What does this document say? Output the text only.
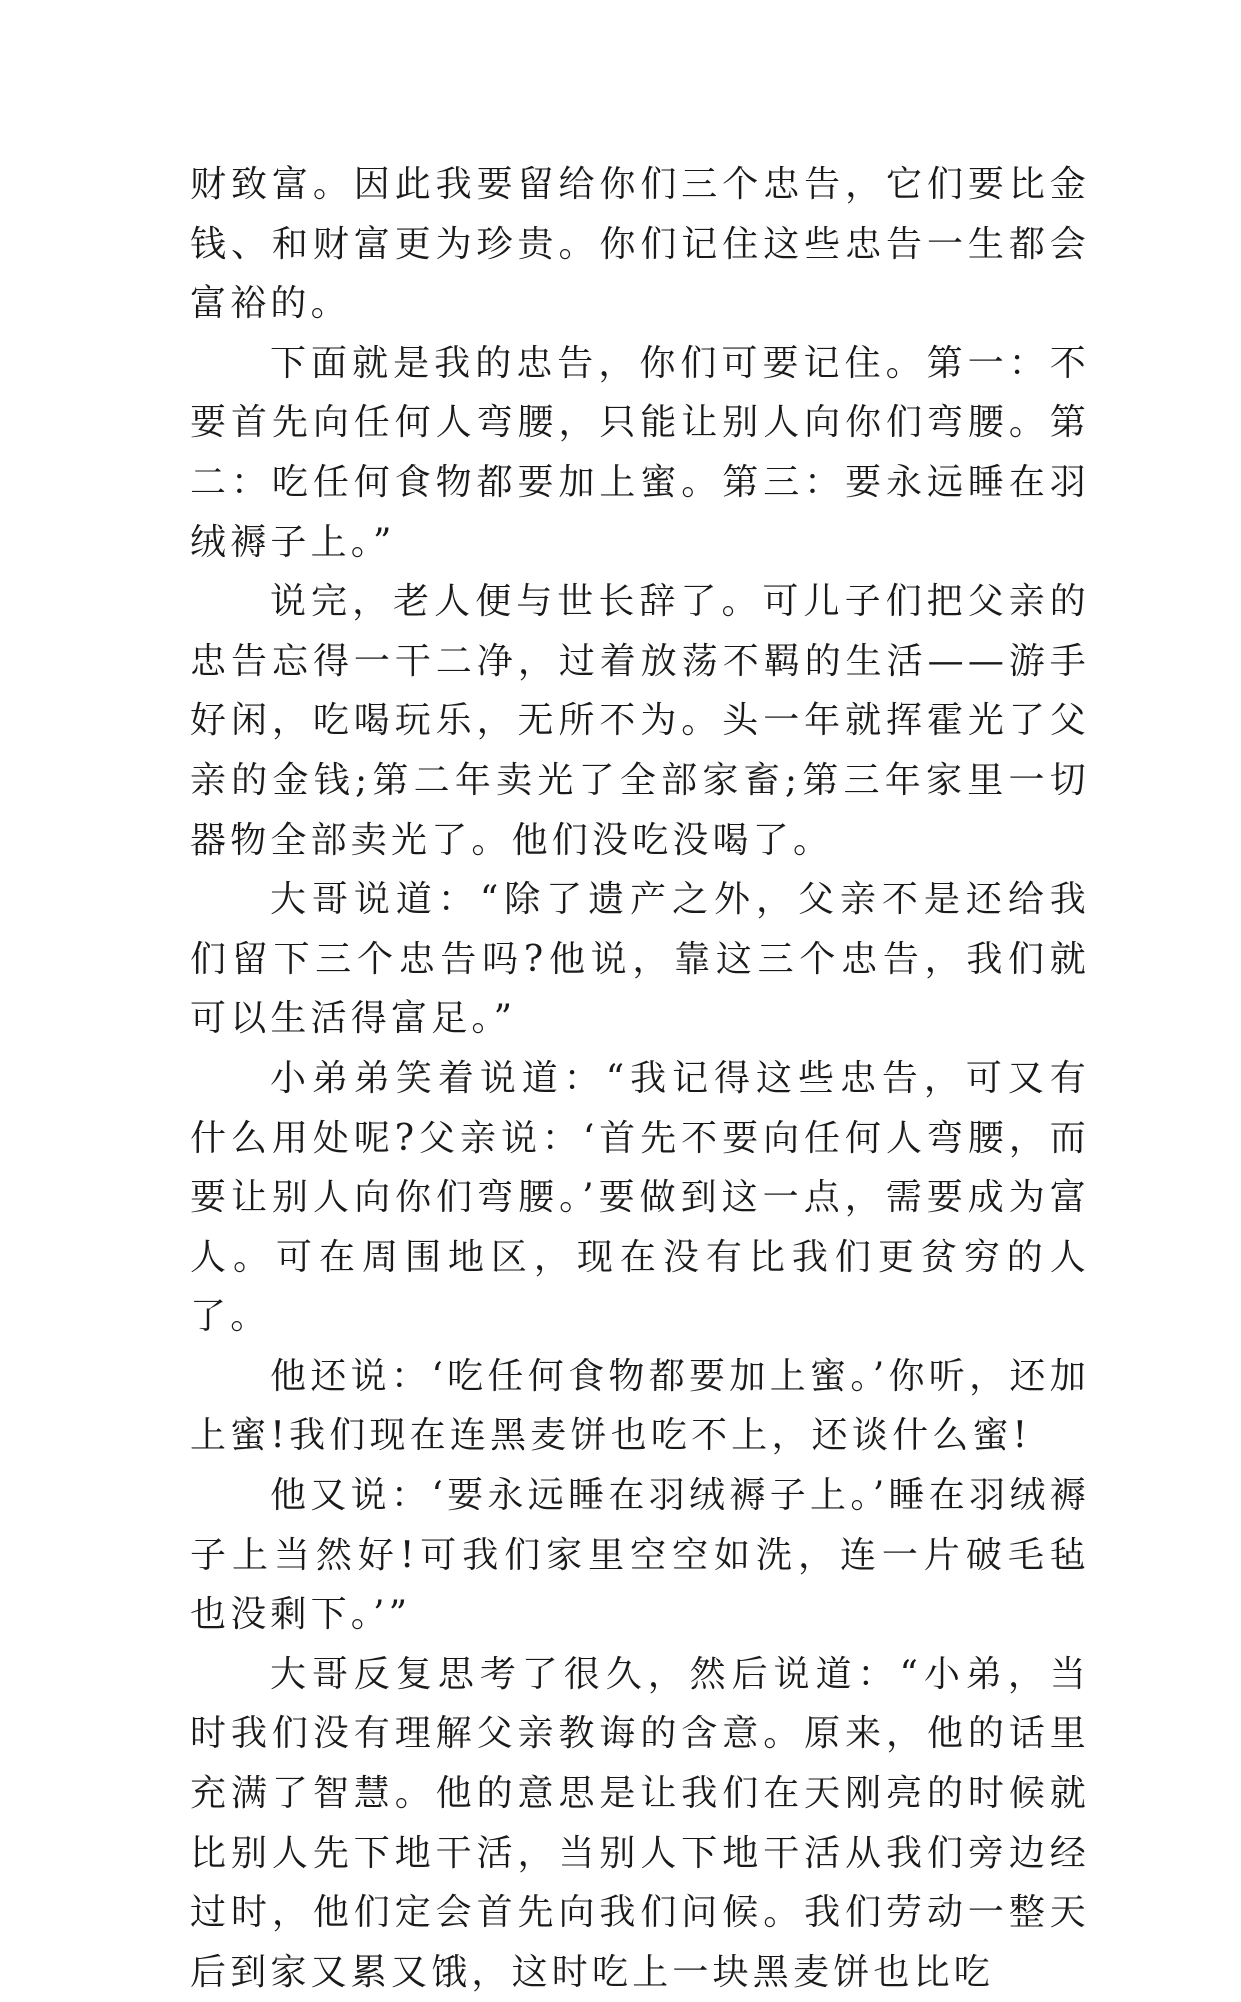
财致富。因此我要留给你们三个忠告，它们要比金钱、和财富更为珍贵。你们记住这些忠告一生都会富裕的。

下面就是我的忠告，你们可要记住。第一：不要首先向任何人弯腰，只能让别人向你们弯腰。第二：吃任何食物都要加上蜜。第三：要永远睡在羽绒褥子上。”

说完，老人便与世长辞了。可儿子们把父亲的忠告忘得一干二净，过着放荡不羁的生活——游手好闲，吃喝玩乐，无所不为。头一年就挥霍光了父亲的金钱;第二年卖光了全部家畜;第三年家里一切器物全部卖光了。他们没吃没喝了。

大哥说道：“除了遗产之外，父亲不是还给我们留下三个忠告吗?他说，靠这三个忠告，我们就可以生活得富足。”

小弟弟笑着说道：“我记得这些忠告，可又有什么用处呢?父亲说：‘首先不要向任何人弯腰，而要让别人向你们弯腰。’要做到这一点，需要成为富人。可在周围地区，现在没有比我们更贫穷的人了。

他还说：‘吃任何食物都要加上蜜。’你听，还加上蜜!我们现在连黑麦饼也吃不上，还谈什么蜜!

他又说：‘要永远睡在羽绒褥子上。’睡在羽绒褥子上当然好!可我们家里空空如洗，连一片破毛毡也没剩下。’”

大哥反复思考了很久，然后说道：“小弟，当时我们没有理解父亲教诲的含意。原来，他的话里充满了智慧。他的意思是让我们在天刚亮的时候就比别人先下地干活，当别人下地干活从我们旁边经过时，他们定会首先向我们问候。我们劳动一整天后到家又累又饿，这时吃上一块黑麦饼也比吃
